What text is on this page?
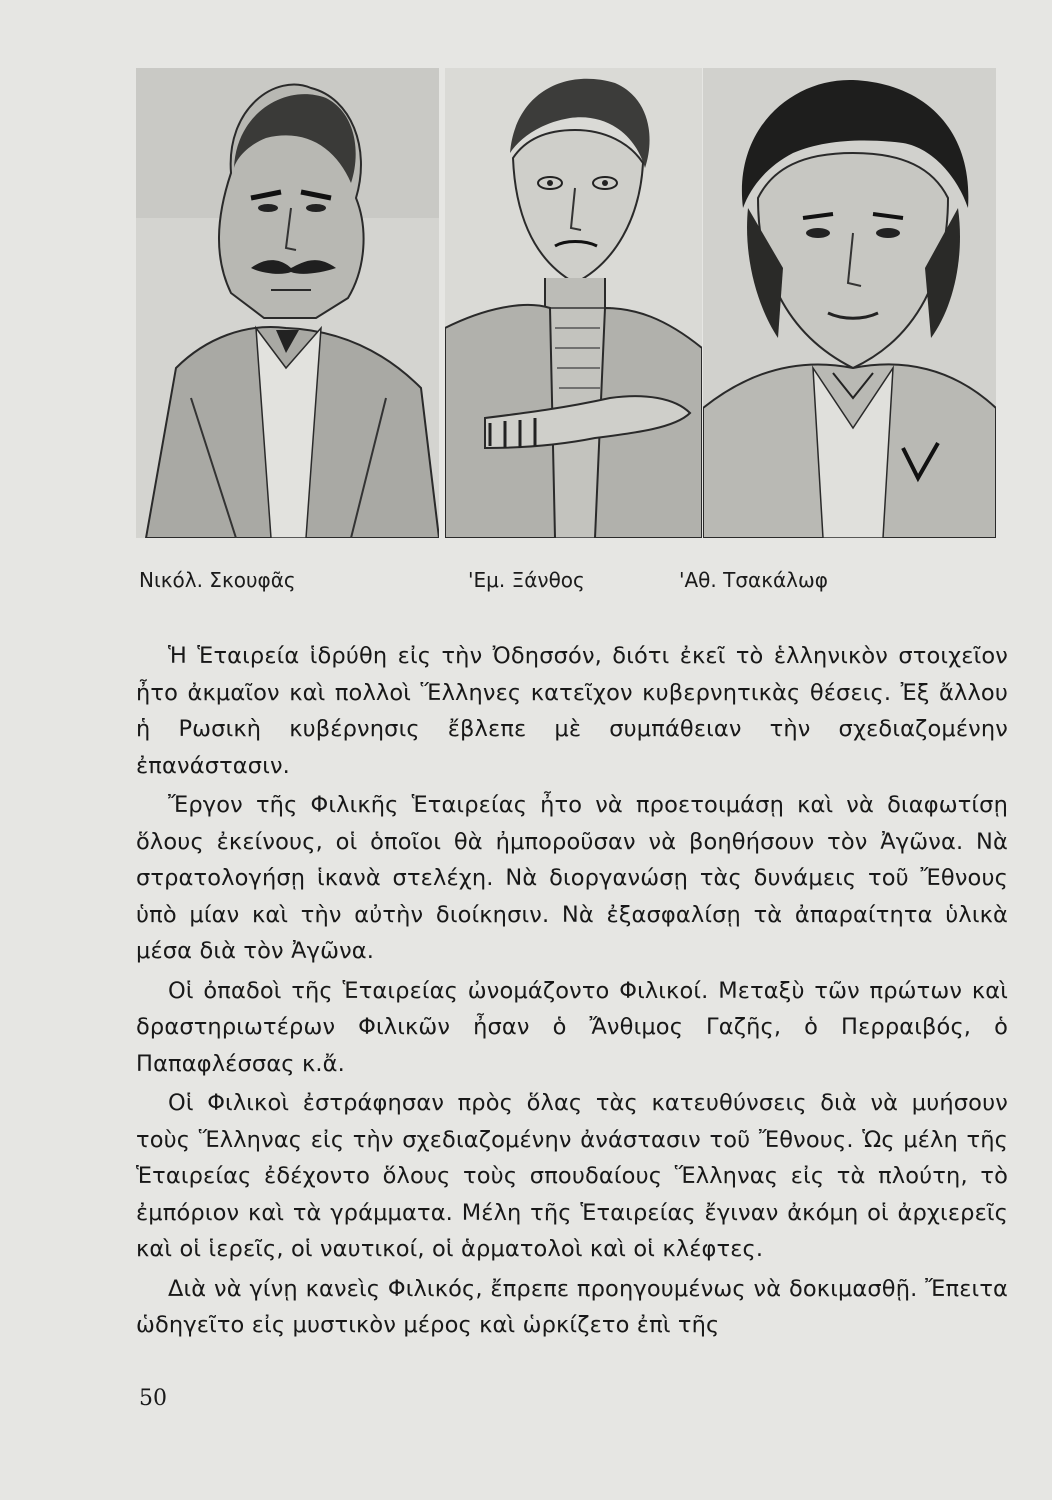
Νικόλ. Σκουφᾶς	'Εμ. Ξάνθος	'Αθ. Τσακάλωφ

Ἡ Ἑταιρεία ἱδρύθη εἰς τὴν Ὀδησσόν, διότι ἐκεῖ τὸ ἑλληνικὸν στοιχεῖον ἦτο ἀκμαῖον καὶ πολλοὶ Ἕλληνες κατεῖχον κυβερνητικὰς θέσεις. Ἐξ ἄλλου ἡ Ρωσικὴ κυβέρνησις ἔβλεπε μὲ συμπάθειαν τὴν σχεδιαζομένην ἐπανάστασιν.

Ἔργον τῆς Φιλικῆς Ἑταιρείας ἦτο νὰ προετοιμάσῃ καὶ νὰ διαφωτίσῃ ὅλους ἐκείνους, οἱ ὁποῖοι θὰ ἠμποροῦσαν νὰ βοηθήσουν τὸν Ἀγῶνα. Νὰ στρατολογήσῃ ἱκανὰ στελέχη. Νὰ διοργανώσῃ τὰς δυνάμεις τοῦ Ἔθνους ὑπὸ μίαν καὶ τὴν αὐτὴν διοίκησιν. Νὰ ἐξασφαλίσῃ τὰ ἀπαραίτητα ὑλικὰ μέσα διὰ τὸν Ἀγῶνα.

Οἱ ὀπαδοὶ τῆς Ἑταιρείας ὠνομάζοντο Φιλικοί. Μεταξὺ τῶν πρώτων καὶ δραστηριωτέρων Φιλικῶν ἦσαν ὁ Ἄνθιμος Γαζῆς, ὁ Περραιβός, ὁ Παπαφλέσσας κ.ἄ.

Οἱ Φιλικοὶ ἐστράφησαν πρὸς ὅλας τὰς κατευθύνσεις διὰ νὰ μυήσουν τοὺς Ἕλληνας εἰς τὴν σχεδιαζομένην ἀνάστασιν τοῦ Ἔθνους. Ὡς μέλη τῆς Ἑταιρείας ἐδέχοντο ὅλους τοὺς σπουδαίους Ἕλληνας εἰς τὰ πλούτη, τὸ ἐμπόριον καὶ τὰ γράμματα. Μέλη τῆς Ἑταιρείας ἔγιναν ἀκόμη οἱ ἀρχιερεῖς καὶ οἱ ἱερεῖς, οἱ ναυτικοί, οἱ ἁρματολοὶ καὶ οἱ κλέφτες.

Διὰ νὰ γίνῃ κανεὶς Φιλικός, ἔπρεπε προηγουμένως νὰ δοκιμασθῇ. Ἔπειτα ὡδηγεῖτο εἰς μυστικὸν μέρος καὶ ὡρκίζετο ἐπὶ τῆς

50
